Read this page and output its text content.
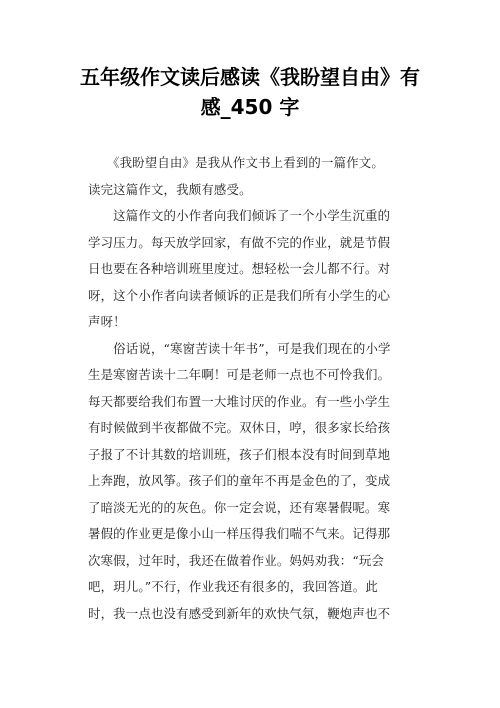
五年级作文读后感读《我盼望自由》有
感_450 字
　　《我盼望自由》是我从作文书上看到的一篇作文。
读完这篇作文，我颇有感受。
　　这篇作文的小作者向我们倾诉了一个小学生沉重的
学习压力。每天放学回家，有做不完的作业，就是节假
日也要在各种培训班里度过。想轻松一会儿都不行。对
呀，这个小作者向读者倾诉的正是我们所有小学生的心
声呀！
　　俗话说，“寒窗苦读十年书”，可是我们现在的小学
生是寒窗苦读十二年啊！可是老师一点也不可怜我们。
每天都要给我们布置一大堆讨厌的作业。有一些小学生
有时候做到半夜都做不完。双休日，哼，很多家长给孩
子报了不计其数的培训班，孩子们根本没有时间到草地
上奔跑，放风筝。孩子们的童年不再是金色的了，变成
了暗淡无光的的灰色。你一定会说，还有寒暑假呢。寒
暑假的作业更是像小山一样压得我们喘不气来。记得那
次寒假，过年时，我还在做着作业。妈妈劝我：“玩会
吧，玥儿。”不行，作业我还有很多的，我回答道。此
时，我一点也没有感受到新年的欢快气氛，鞭炮声也不
